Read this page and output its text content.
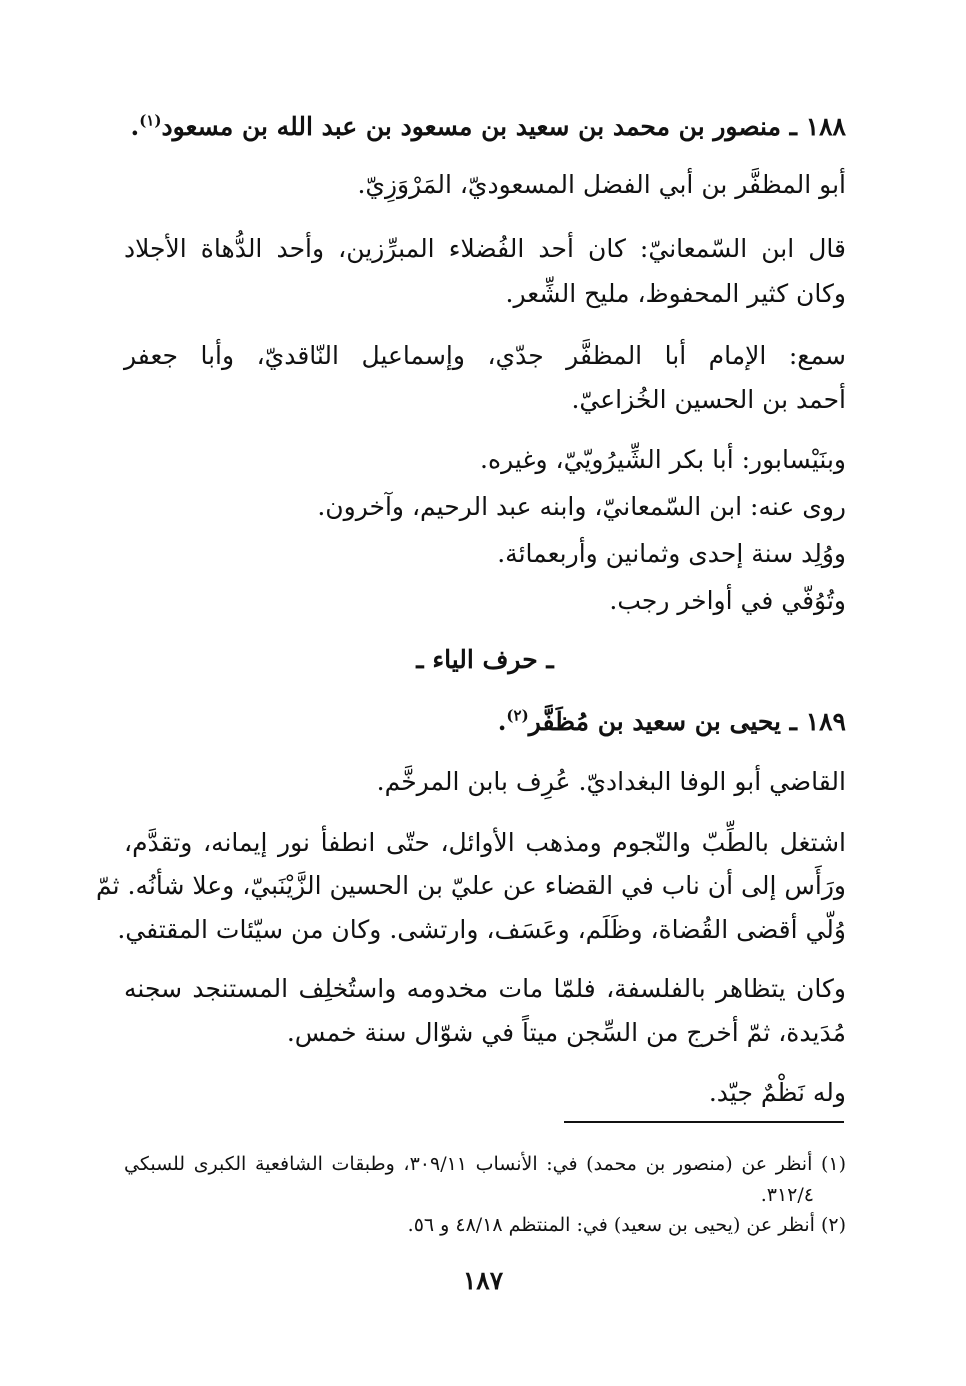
١٨٨ ـ منصور بن محمد بن سعيد بن مسعود بن عبد الله بن مسعود$^{(١)}$.
أبو المظفَّر بن أبي الفضل المسعوديّ، المَرْوَزِيّ.
قال ابن السّمعانيّ: كان أحد الفُضلاء المبرِّزين، وأحد الدُّهاة الأجلاد
وكان كثير المحفوظ، مليح الشِّعر.
سمع: الإمام أبا المظفَّر جدّي، وإسماعيل النّاقديّ، وأبا جعفر
أحمد بن الحسين الخُزاعيّ.
وبنَيْسابور: أبا بكر الشِّيرُويّيّ، وغيره.
روى عنه: ابن السّمعانيّ، وابنه عبد الرحيم، وآخرون.
ووُلِد سنة إحدى وثمانين وأربعمائة.
وتُوُفّي في أواخر رجب.
ـ حرف الياء ـ
١٨٩ ـ يحيى بن سعيد بن مُظَفَّر$^{(٢)}$.
القاضي أبو الوفا البغداديّ. عُرِف بابن المرخَّم.
اشتغل بالطِّبّ والنّجوم ومذهب الأوائل، حتّى انطفأ نور إيمانه، وتقدَّم،
ورَأَس إلى أن ناب في القضاء عن عليّ بن الحسين الزَّيْنَبيّ، وعلا شأنُه. ثمّ
وُلّي أقضى القُضاة، وظَلَم، وعَسَف، وارتشى. وكان من سيّئات المقتفي.
وكان يتظاهر بالفلسفة، فلمّا مات مخدومه واستُخلِف المستنجد سجنه
مُدَيدة، ثمّ أخرج من السِّجن ميتاً في شوّال سنة خمس.
وله نَظْمٌ جيّد.
(١) أنظر عن (منصور بن محمد) في: الأنساب ٣٠٩/١١، وطبقات الشافعية الكبرى للسبكي
٣١٢/٤.
(٢) أنظر عن (يحيى بن سعيد) في: المنتظم ٤٨/١٨ و ٥٦.
١٨٧
